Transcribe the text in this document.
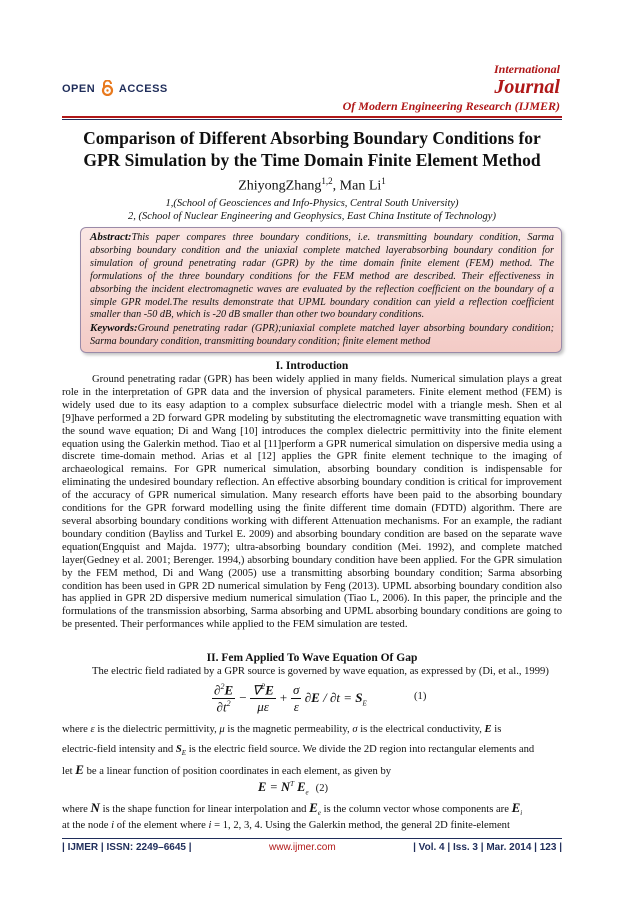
OPEN ACCESS
International
Journal
Of Modern Engineering Research (IJMER)
Comparison of Different Absorbing Boundary Conditions for
GPR Simulation by the Time Domain Finite Element Method
ZhiyongZhang$^{1,2}$, Man Li$^1$
1,(School of Geosciences and Info-Physics, Central South University)
2, (School of Nuclear Engineering and Geophysics, East China Institute of Technology)
Abstract:This paper compares three boundary conditions, i.e. transmitting boundary condition, Sarma absorbing boundary condition and the uniaxial complete matched layerabsorbing boundary condition for simulation of ground penetrating radar (GPR) by the time domain finite element (FEM) method. The formulations of the three boundary conditions for the FEM method are described. Their effectiveness in absorbing the incident electromagnetic waves are evaluated by the reflection coefficient on the boundary of a simple GPR model.The results demonstrate that UPML boundary condition can yield a reflection coefficient smaller than -50 dB, which is -20 dB smaller than other two boundary conditions.
Keywords:Ground penetrating radar (GPR);uniaxial complete matched layer absorbing boundary condition; Sarma boundary condition, transmitting boundary condition; finite element method
I. Introduction
Ground penetrating radar (GPR) has been widely applied in many fields. Numerical simulation plays a great role in the interpretation of GPR data and the inversion of physical parameters. Finite element method (FEM) is widely used due to its easy adaption to a complex subsurface dielectric model with a triangle mesh. Shen et al [9]have performed a 2D forward GPR modeling by substituting the electromagnetic wave transmitting equation with the sound wave equation; Di and Wang [10] introduces the complex dielectric permittivity into the finite element equation using the Galerkin method. Tiao et al [11]perform a GPR numerical simulation on dispersive media using a discrete time-domain method. Arias et al [12] applies the GPR finite element technique to the imaging of archaeological remains. For GPR numerical simulation, absorbing boundary condition is indispensable for eliminating the undesired boundary reflection. An effective absorbing boundary condition is critical for improvement of the accuracy of GPR numerical simulation. Many research efforts have been paid to the absorbing boundary conditions for the GPR forward modelling using the finite different time domain (FDTD) algorithm. There are several absorbing boundary conditions working with different Attenuation mechanisms. For an example, the radiant boundary condition (Bayliss and Turkel E. 2009) and absorbing boundary condition are based on the separate wave equation(Engquist and Majda. 1977); ultra-absorbing boundary condition (Mei. 1992), and complete matched layer(Gedney et al. 2001; Berenger. 1994,) absorbing boundary condition have been applied. For the GPR simulation by the FEM method, Di and Wang (2005) use a transmitting absorbing boundary condition; Sarma absorbing condition has been used in GPR 2D numerical simulation by Feng (2013). UPML absorbing boundary condition also has applied in GPR 2D dispersive medium numerical simulation (Tiao L, 2006). In this paper, the principle and the formulations of the transmission absorbing, Sarma absorbing and UPML absorbing boundary conditions are going to be presented. Their performances while applied to the FEM simulation are tested.
II. Fem Applied To Wave Equation Of Gap
The electric field radiated by a GPR source is governed by wave equation, as expressed by (Di, et al., 1999)
$\frac{\partial^2E}{\partial t^2} - \frac{\nabla^2E}{\mu\varepsilon} + \frac{\sigma}{\varepsilon} \partial E / \partial t = S_E$
(1)
where ε is the dielectric permittivity, μ is the magnetic permeability, σ is the electrical conductivity, E is
electric-field intensity and $S_E$ is the electric field source. We divide the 2D region into rectangular elements and
let E be a linear function of position coordinates in each element, as given by
$E = N^T$ $E_e$ (2)
where N is the shape function for linear interpolation and $E_e$ is the column vector whose components are $E_i$
at the node i of the element where i = 1, 2, 3, 4. Using the Galerkin method, the general 2D finite-element
| IJMER | ISSN: 2249–6645 |	www.ijmer.com	| Vol. 4 | Iss. 3 | Mar. 2014 | 123 |
